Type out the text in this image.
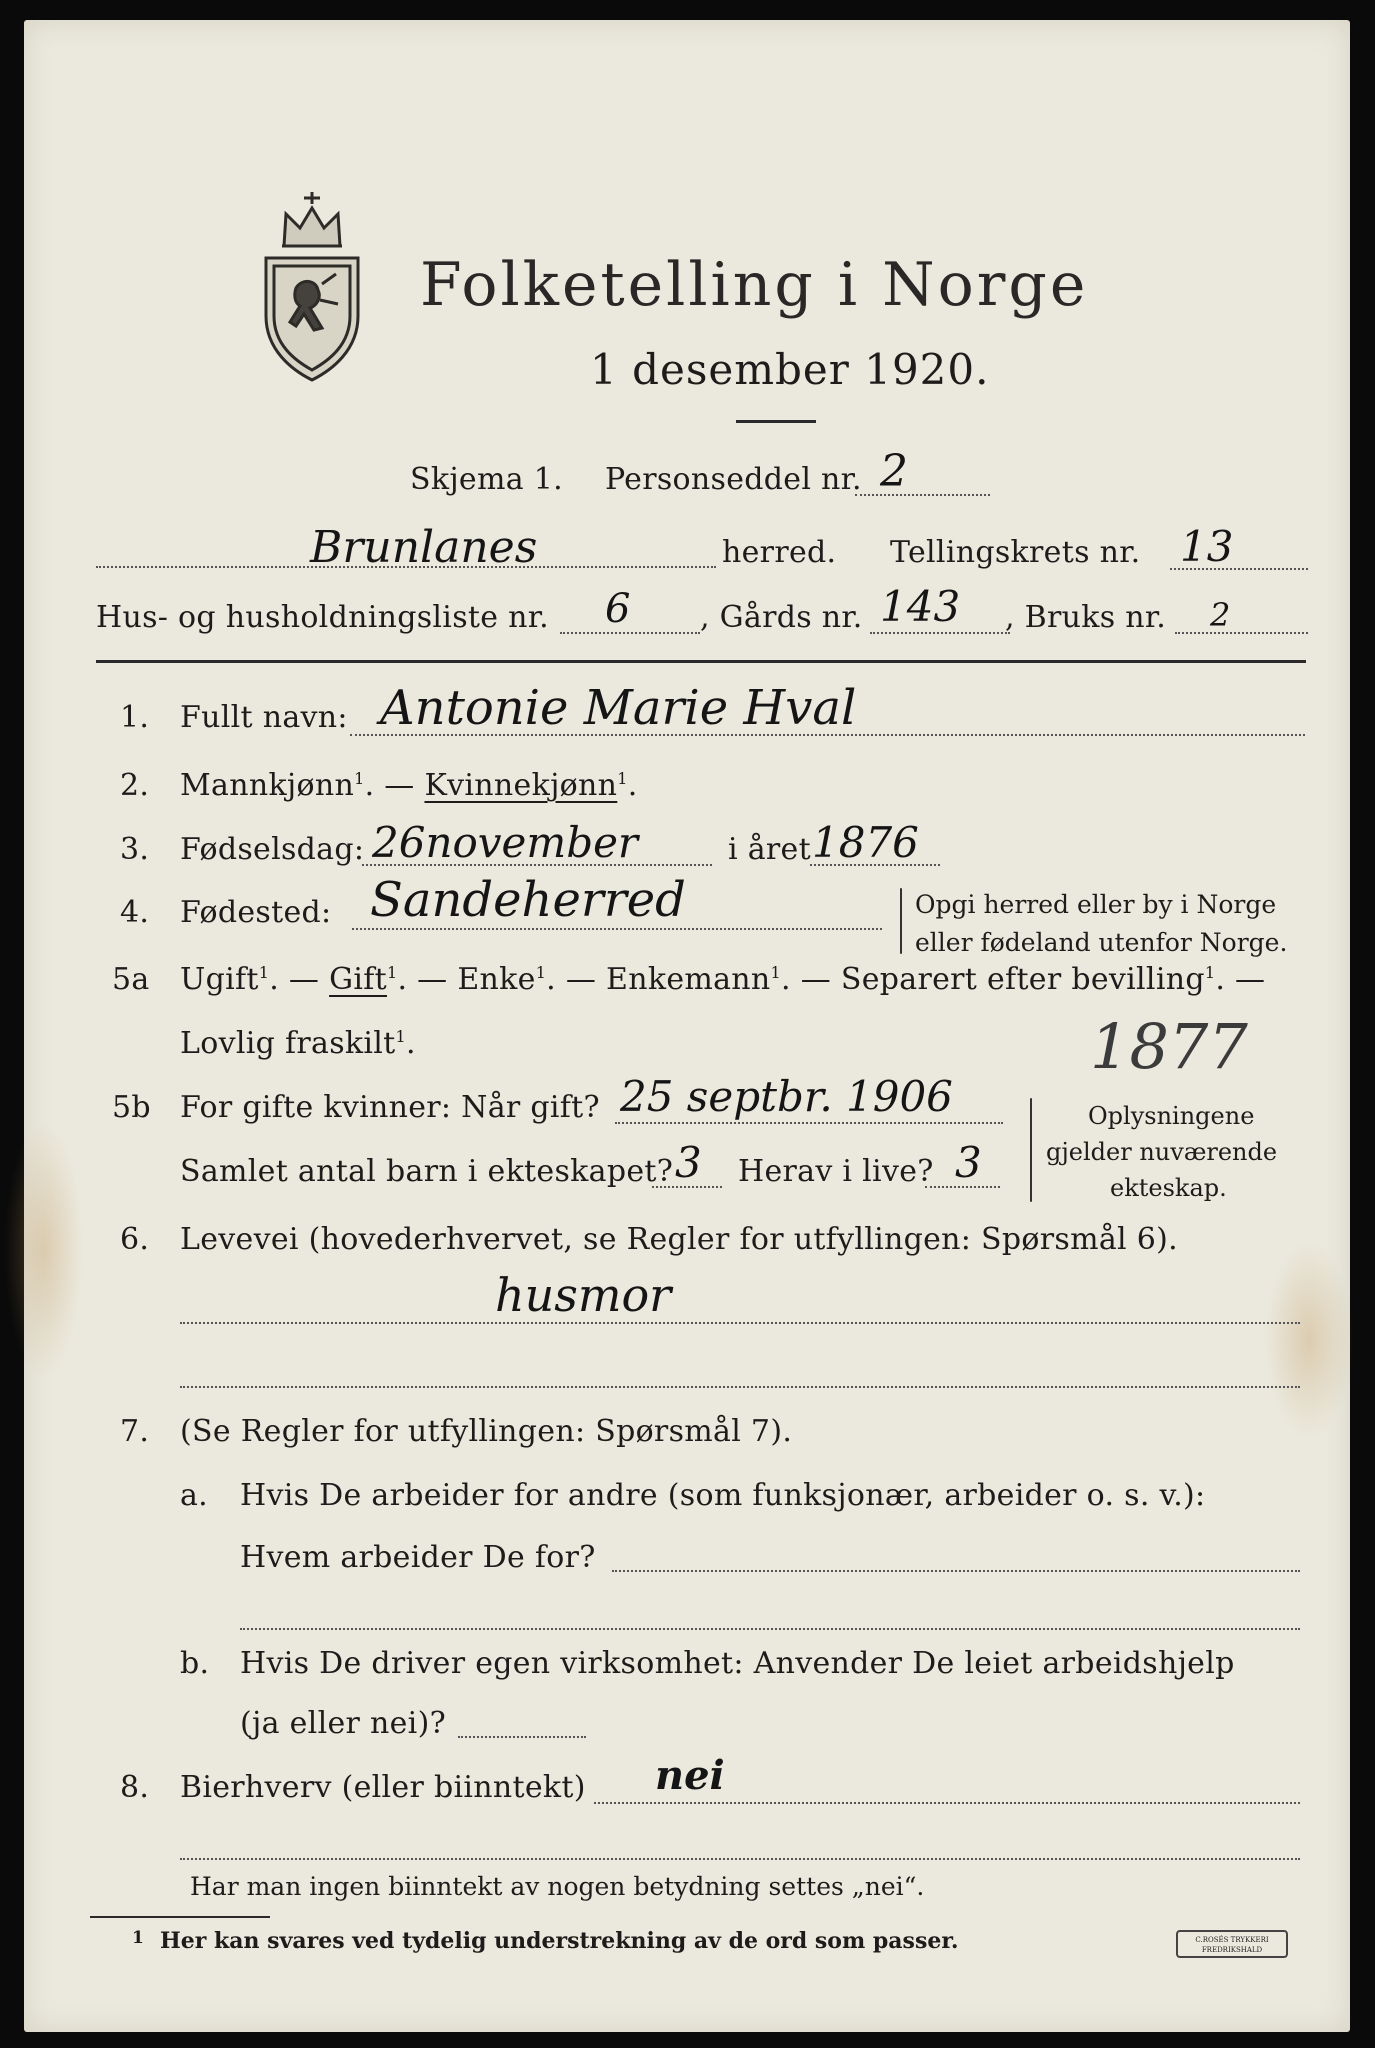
Folketelling i Norge
1 desember 1920.
Skjema 1. Personseddel nr. 2
Brunlanes	herred. Tellingskrets nr. 13
Hus- og husholdningsliste nr. 6 , Gårds nr. 143 , Bruks nr. 2
1. Fullt navn: Antonie Marie Hval
2. Mannkjønn$^1$. — Kvinnekjønn$^1$.
3. Fødselsdag: 26november	i året 1876
4. Fødested: Sandeherred	Opgi herred eller by i Norge
eller fødeland utenfor Norge.
5a Ugift$^1$. — Gift$^1$. — Enke$^1$. — Enkemann$^1$. — Separert efter bevilling$^1$. —
Lovlig fraskilt$^1$.	1877
5b For gifte kvinner: Når gift? 25 septbr. 1906
Samlet antal barn i ekteskapet? 3 Herav i live? 3
Oplysningene
gjelder nuværende
ekteskap.
6. Levevei (hovederhvervet, se Regler for utfyllingen: Spørsmål 6).
husmor
7. (Se Regler for utfyllingen: Spørsmål 7).
a. Hvis De arbeider for andre (som funksjonær, arbeider o. s. v.):
Hvem arbeider De for?
b. Hvis De driver egen virksomhet: Anvender De leiet arbeidshjelp
(ja eller nei)?
8. Bierhverv (eller biinntekt) nei
Har man ingen biinntekt av nogen betydning settes „nei“.
1 Her kan svares ved tydelig understrekning av de ord som passer.	C.ROSÉS TRYKKERI FREDRIKSHALD
